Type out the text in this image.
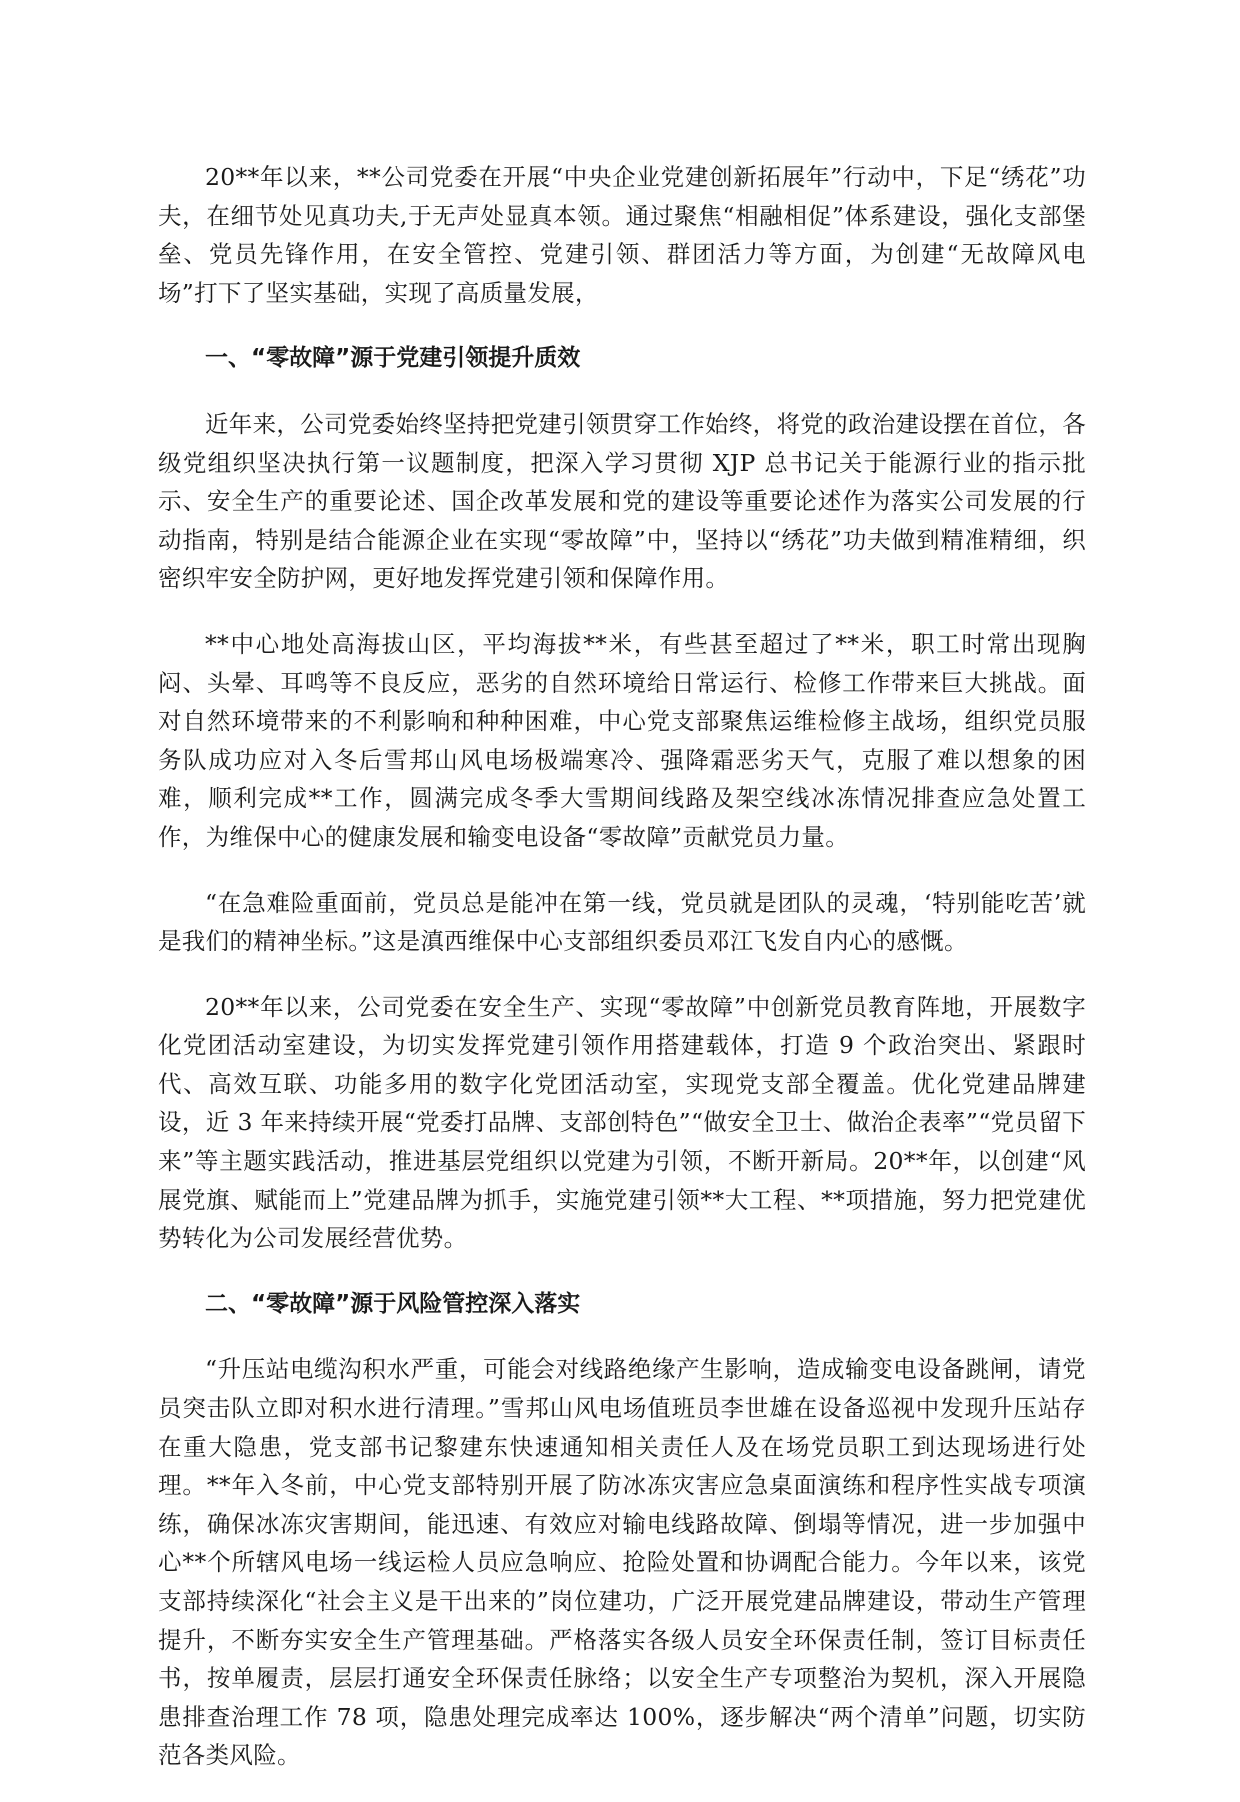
20**年以来，**公司党委在开展“中央企业党建创新拓展年”行动中，下足“绣花”功夫，在细节处见真功夫,于无声处显真本领。通过聚焦“相融相促”体系建设，强化支部堡垒、党员先锋作用，在安全管控、党建引领、群团活力等方面，为创建“无故障风电场”打下了坚实基础，实现了高质量发展，

一、“零故障”源于党建引领提升质效

近年来，公司党委始终坚持把党建引领贯穿工作始终，将党的政治建设摆在首位，各级党组织坚决执行第一议题制度，把深入学习贯彻 XJP 总书记关于能源行业的指示批示、安全生产的重要论述、国企改革发展和党的建设等重要论述作为落实公司发展的行动指南，特别是结合能源企业在实现“零故障”中，坚持以“绣花”功夫做到精准精细，织密织牢安全防护网，更好地发挥党建引领和保障作用。

**中心地处高海拔山区，平均海拔**米，有些甚至超过了**米，职工时常出现胸闷、头晕、耳鸣等不良反应，恶劣的自然环境给日常运行、检修工作带来巨大挑战。面对自然环境带来的不利影响和种种困难，中心党支部聚焦运维检修主战场，组织党员服务队成功应对入冬后雪邦山风电场极端寒冷、强降霜恶劣天气，克服了难以想象的困难，顺利完成**工作，圆满完成冬季大雪期间线路及架空线冰冻情况排查应急处置工作，为维保中心的健康发展和输变电设备“零故障”贡献党员力量。

“在急难险重面前，党员总是能冲在第一线，党员就是团队的灵魂，‘特别能吃苦’就是我们的精神坐标。”这是滇西维保中心支部组织委员邓江飞发自内心的感慨。

20**年以来，公司党委在安全生产、实现“零故障”中创新党员教育阵地，开展数字化党团活动室建设，为切实发挥党建引领作用搭建载体，打造 9 个政治突出、紧跟时代、高效互联、功能多用的数字化党团活动室，实现党支部全覆盖。优化党建品牌建设，近 3 年来持续开展“党委打品牌、支部创特色”“做安全卫士、做治企表率”“党员留下来”等主题实践活动，推进基层党组织以党建为引领，不断开新局。20**年，以创建“风展党旗、赋能而上”党建品牌为抓手，实施党建引领**大工程、**项措施，努力把党建优势转化为公司发展经营优势。

二、“零故障”源于风险管控深入落实

“升压站电缆沟积水严重，可能会对线路绝缘产生影响，造成输变电设备跳闸，请党员突击队立即对积水进行清理。”雪邦山风电场值班员李世雄在设备巡视中发现升压站存在重大隐患，党支部书记黎建东快速通知相关责任人及在场党员职工到达现场进行处理。**年入冬前，中心党支部特别开展了防冰冻灾害应急桌面演练和程序性实战专项演练，确保冰冻灾害期间，能迅速、有效应对输电线路故障、倒塌等情况，进一步加强中心**个所辖风电场一线运检人员应急响应、抢险处置和协调配合能力。今年以来，该党支部持续深化“社会主义是干出来的”岗位建功，广泛开展党建品牌建设，带动生产管理提升，不断夯实安全生产管理基础。严格落实各级人员安全环保责任制，签订目标责任书，按单履责，层层打通安全环保责任脉络；以安全生产专项整治为契机，深入开展隐患排查治理工作 78 项，隐患处理完成率达 100%，逐步解决“两个清单”问题，切实防范各类风险。
